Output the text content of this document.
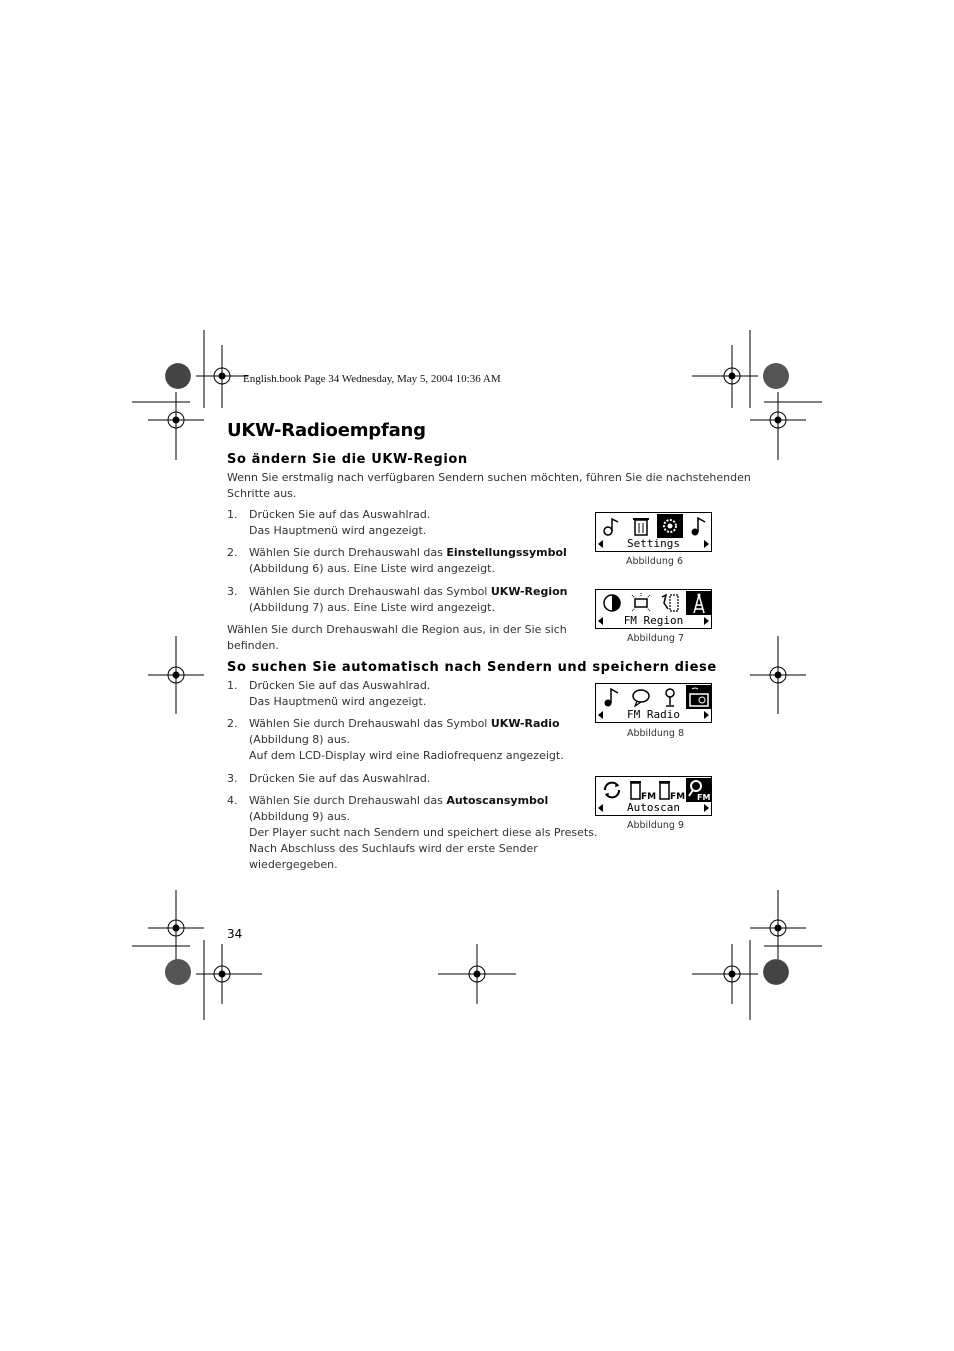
English.book Page 34 Wednesday, May 5, 2004 10:36 AM
UKW-Radioempfang
So ändern Sie die UKW-Region
Wenn Sie erstmalig nach verfügbaren Sendern suchen möchten, führen Sie die nachstehenden
Schritte aus.
1. Drücken Sie auf das Auswahlrad.
Das Hauptmenü wird angezeigt.
2. Wählen Sie durch Drehauswahl das Einstellungssymbol
(Abbildung 6) aus. Eine Liste wird angezeigt.
3. Wählen Sie durch Drehauswahl das Symbol UKW-Region
(Abbildung 7) aus. Eine Liste wird angezeigt.
Wählen Sie durch Drehauswahl die Region aus, in der Sie sich
befinden.
So suchen Sie automatisch nach Sendern und speichern diese
1. Drücken Sie auf das Auswahlrad.
Das Hauptmenü wird angezeigt.
2. Wählen Sie durch Drehauswahl das Symbol UKW-Radio
(Abbildung 8) aus.
Auf dem LCD-Display wird eine Radiofrequenz angezeigt.
3. Drücken Sie auf das Auswahlrad.
4. Wählen Sie durch Drehauswahl das Autoscansymbol
(Abbildung 9) aus.
Der Player sucht nach Sendern und speichert diese als Presets.
Nach Abschluss des Suchlaufs wird der erste Sender
wiedergegeben.
Settings
Abbildung 6
FM Region
Abbildung 7
FM Radio
Abbildung 8
FM FM FM
Autoscan
Abbildung 9
34
